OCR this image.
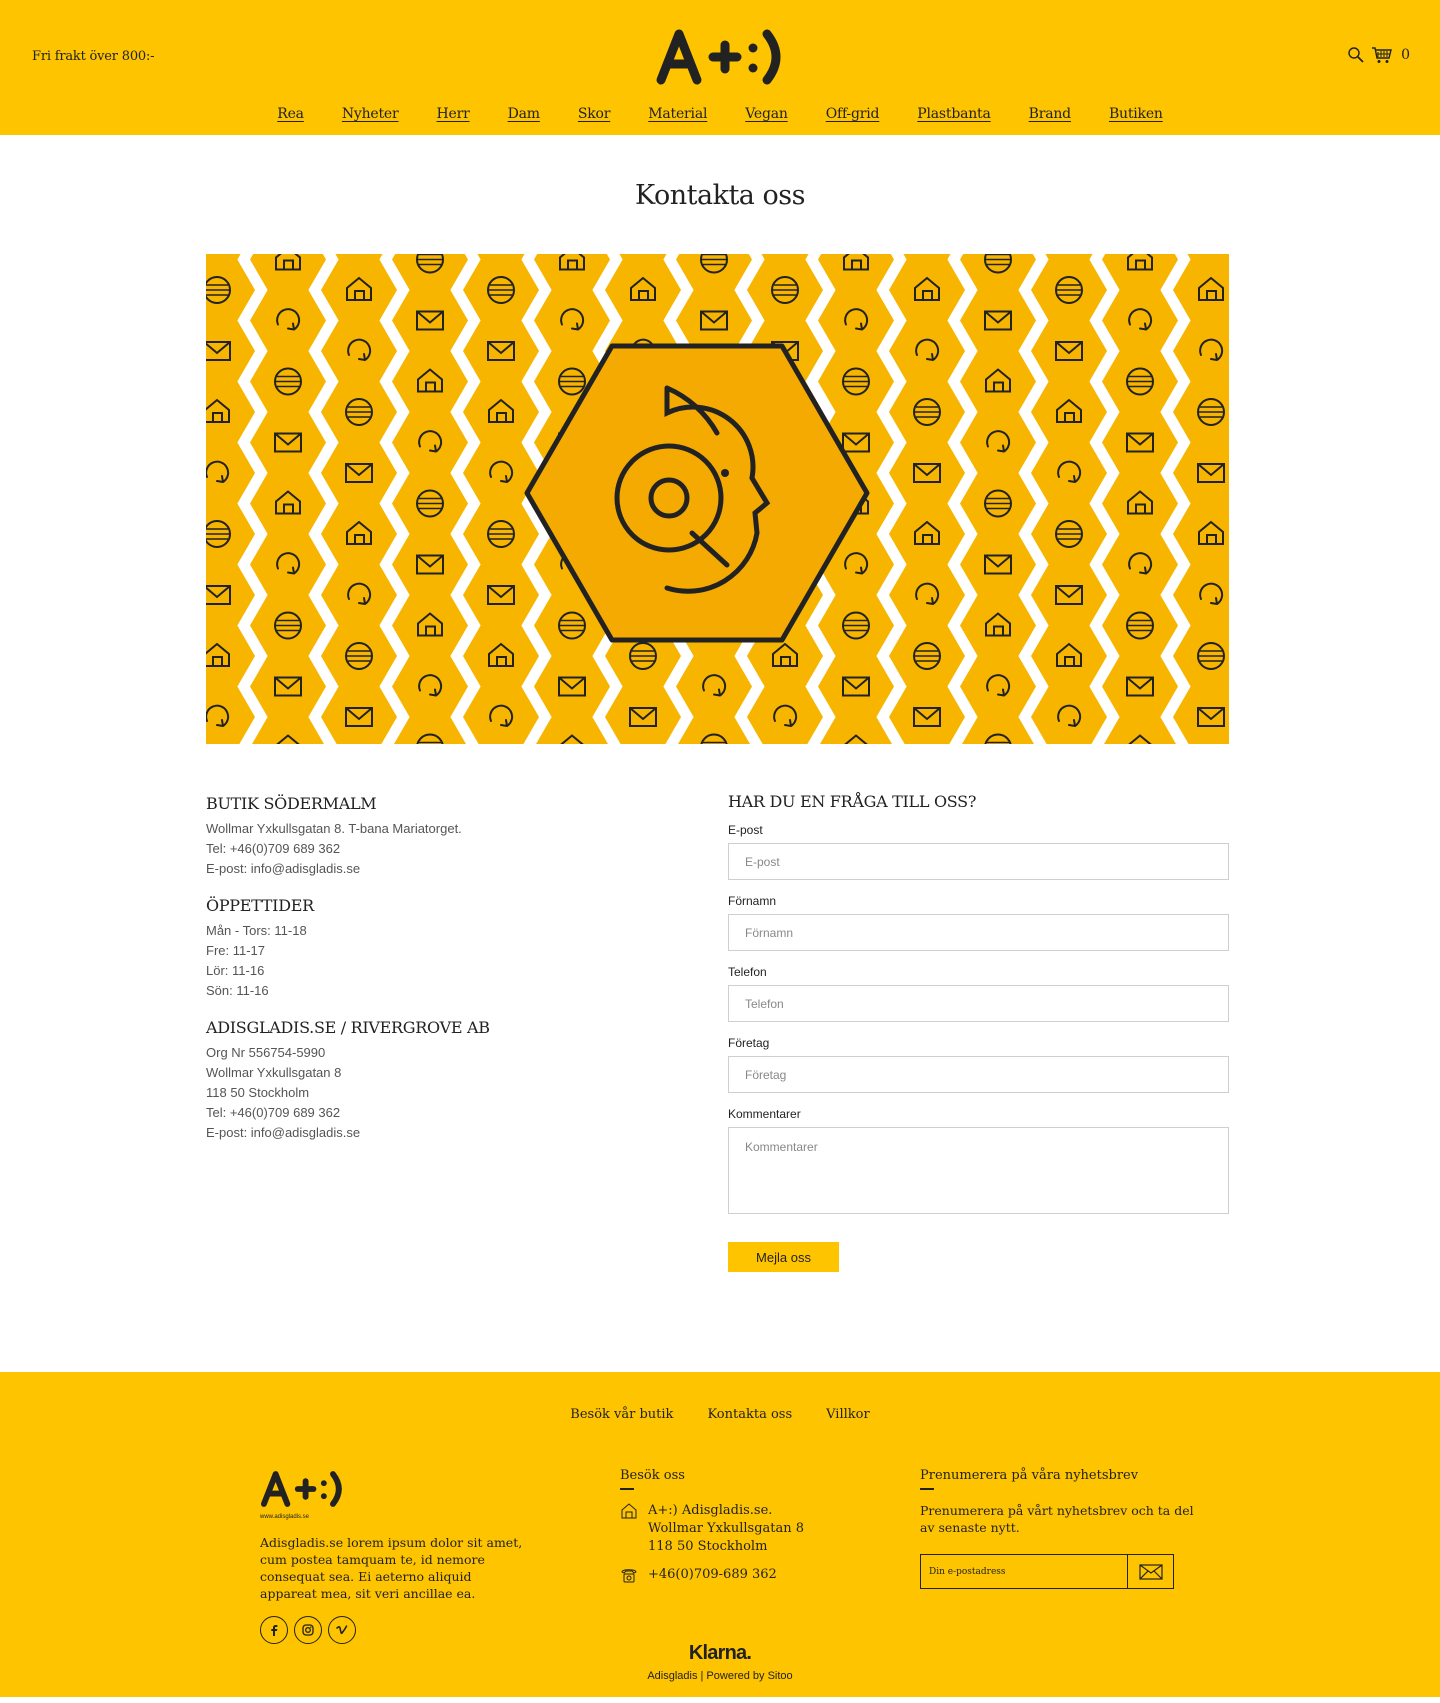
Fri frakt över 800:-	0
Rea	Nyheter	Herr	Dam	Skor	Material	Vegan	Off-grid	Plastbanta	Brand	Butiken
Kontakta oss
BUTIK SÖDERMALM
Wollmar Yxkullsgatan 8. T-bana Mariatorget.
Tel: +46(0)709 689 362
E-post: info@adisgladis.se
ÖPPETTIDER
Mån - Tors: 11-18
Fre: 11-17
Lör: 11-16
Sön: 11-16
ADISGLADIS.SE / RIVERGROVE AB
Org Nr 556754-5990
Wollmar Yxkullsgatan 8
118 50 Stockholm
Tel: +46(0)709 689 362
E-post: info@adisgladis.se
HAR DU EN FRÅGA TILL OSS?
E-post
E-post
Förnamn
Förnamn
Telefon
Telefon
Företag
Företag
Kommentarer
Kommentarer
Mejla oss
Besök vår butik	Kontakta oss	Villkor
www.adisgladis.se

Adisgladis.se lorem ipsum dolor sit amet, cum postea tamquam te, id nemore consequat sea. Ei aeterno aliquid appareat mea, sit veri ancillae ea.

Besök oss
A+:) Adisgladis.se.
Wollmar Yxkullsgatan 8
118 50 Stockholm
+46(0)709-689 362
Prenumerera på våra nyhetsbrev

Prenumerera på vårt nyhetsbrev och ta del av senaste nytt.

Din e-postadress
Klarna.
Adisgladis | Powered by Sitoo
